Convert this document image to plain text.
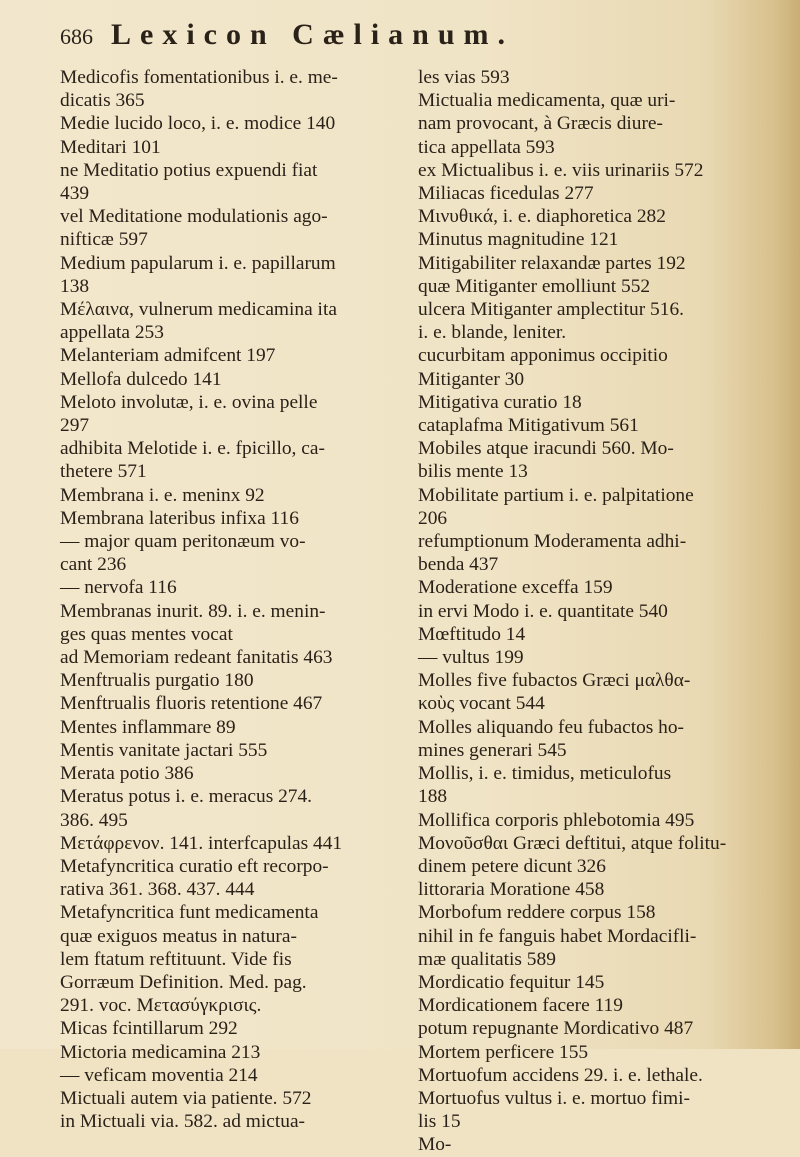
686 Lexicon Cælianum.
Medicofis fomentationibus i. e. me-
dicatis 365
Medie lucido loco, i. e. modice 140
Meditari 101
ne Meditatio potius expuendi fiat
439
vel Meditatione modulationis ago-
nifticæ 597
Medium papularum i. e. papillarum
138
Μέλαινα, vulnerum medicamina ita
appellata 253
Melanteriam admifcent 197
Mellofa dulcedo 141
Meloto involutæ, i. e. ovina pelle
297
adhibita Melotide i. e. fpicillo, ca-
thetere 571
Membrana i. e. meninx 92
Membrana lateribus infixa 116
— major quam peritonæum vo-
cant 236
— nervofa 116
Membranas inurit. 89. i. e. menin-
ges quas mentes vocat
ad Memoriam redeant fanitatis 463
Menftrualis purgatio 180
Menftrualis fluoris retentione 467
Mentes inflammare 89
Mentis vanitate jactari 555
Merata potio 386
Meratus potus i. e. meracus 274.
386. 495
Μετάφρενον. 141. interfcapulas 441
Metafyncritica curatio eft recorpo-
rativa 361. 368. 437. 444
Metafyncritica funt medicamenta
quæ exiguos meatus in natura-
lem ftatum reftituunt. Vide fis
Gorræum Definition. Med. pag.
291. voc. Μετασύγκρισις.
Micas fcintillarum 292
Mictoria medicamina 213
— veficam moventia 214
Mictuali autem via patiente. 572
in Mictuali via. 582. ad mictua-
les vias 593
Mictualia medicamenta, quæ uri-
nam provocant, à Græcis diure-
tica appellata 593
ex Mictualibus i. e. viis urinariis 572
Miliacas ficedulas 277
Μινυθικά, i. e. diaphoretica 282
Minutus magnitudine 121
Mitigabiliter relaxandæ partes 192
quæ Mitiganter emolliunt 552
ulcera Mitiganter amplectitur 516.
i. e. blande, leniter.
cucurbitam apponimus occipitio
Mitiganter 30
Mitigativa curatio 18
cataplafma Mitigativum 561
Mobiles atque iracundi 560. Mo-
bilis mente 13
Mobilitate partium i. e. palpitatione
206
refumptionum Moderamenta adhi-
benda 437
Moderatione exceffa 159
in ervi Modo i. e. quantitate 540
Mœftitudo 14
— vultus 199
Molles five fubactos Græci μαλθα-
κοὺς vocant 544
Molles aliquando feu fubactos ho-
mines generari 545
Mollis, i. e. timidus, meticulofus
188
Mollifica corporis phlebotomia 495
Μονοῦσθαι Græci deftitui, atque folitu-
dinem petere dicunt 326
littoraria Moratione 458
Morbofum reddere corpus 158
nihil in fe fanguis habet Mordacifli-
mæ qualitatis 589
Mordicatio fequitur 145
Mordicationem facere 119
potum repugnante Mordicativo 487
Mortem perficere 155
Mortuofum accidens 29. i. e. lethale.
Mortuofus vultus i. e. mortuo fimi-
lis 15
Mo-
